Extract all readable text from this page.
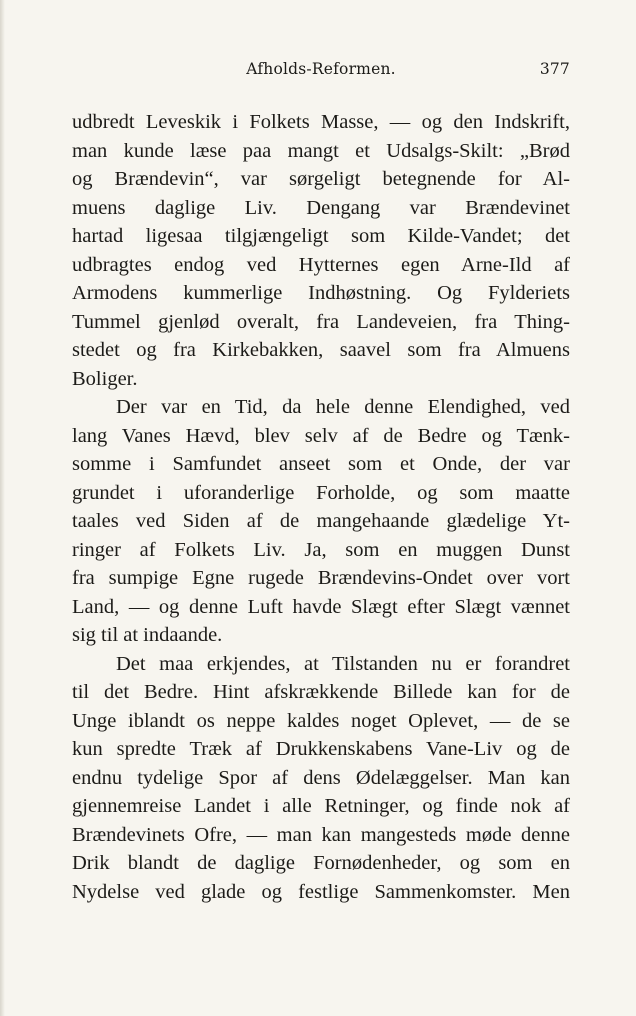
Afholds-Reformen.	377

udbredt Leveskik i Folkets Masse, — og den Indskrift,

man kunde læse paa mangt et Udsalgs-Skilt: „Brød

og Brændevin“, var sørgeligt betegnende for Al-

muens daglige Liv. Dengang var Brændevinet

hartad ligesaa tilgjængeligt som Kilde-Vandet; det

udbragtes endog ved Hytternes egen Arne-Ild af

Armodens kummerlige Indhøstning. Og Fylderiets

Tummel gjenlød overalt, fra Landeveien, fra Thing-

stedet og fra Kirkebakken, saavel som fra Almuens

Boliger.

Der var en Tid, da hele denne Elendighed, ved

lang Vanes Hævd, blev selv af de Bedre og Tænk-

somme i Samfundet anseet som et Onde, der var

grundet i uforanderlige Forholde, og som maatte

taales ved Siden af de mangehaande glædelige Yt-

ringer af Folkets Liv. Ja, som en muggen Dunst

fra sumpige Egne rugede Brændevins-Ondet over vort

Land, — og denne Luft havde Slægt efter Slægt vænnet

sig til at indaande.

Det maa erkjendes, at Tilstanden nu er forandret

til det Bedre. Hint afskrækkende Billede kan for de

Unge iblandt os neppe kaldes noget Oplevet, — de se

kun spredte Træk af Drukkenskabens Vane-Liv og de

endnu tydelige Spor af dens Ødelæggelser. Man kan

gjennemreise Landet i alle Retninger, og finde nok af

Brændevinets Ofre, — man kan mangesteds møde denne

Drik blandt de daglige Fornødenheder, og som en

Nydelse ved glade og festlige Sammenkomster. Men
